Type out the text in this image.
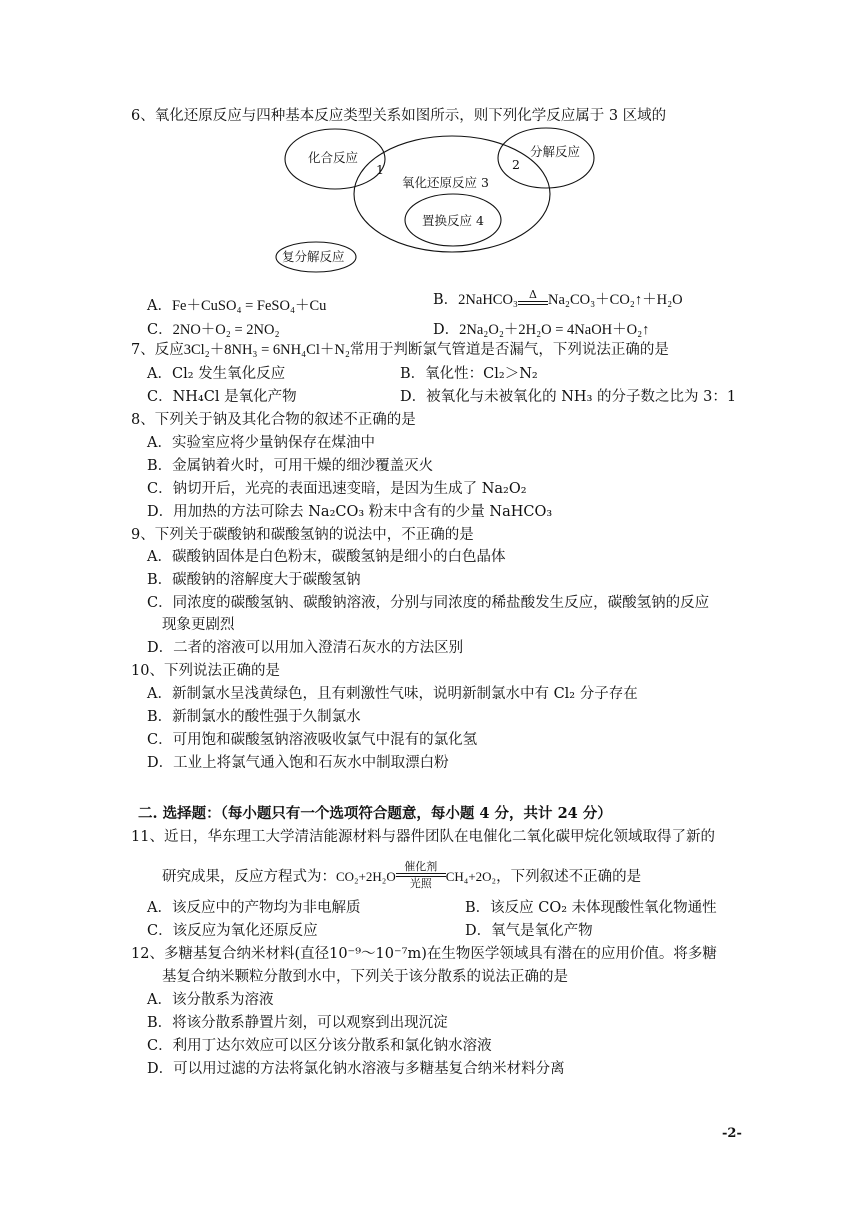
6、氧化还原反应与四种基本反应类型关系如图所示，则下列化学反应属于 3 区域的
化合反应
1	2
分解反应
氧化还原反应 3
置换反应 4
复分解反应
A．Fe＋CuSO₄ = FeSO₄＋Cu	B．2NaHCO₃	Δ Na₂CO₃＋CO₂↑＋H₂O
C．2NO＋O₂ = 2NO₂	D．2Na₂O₂＋2H₂O = 4NaOH＋O₂↑
7、反应3Cl₂＋8NH₃ = 6NH₄Cl＋N₂常用于判断氯气管道是否漏气，下列说法正确的是
A．Cl₂ 发生氧化反应	B．氧化性：Cl₂＞N₂
C．NH₄Cl 是氧化产物	D．被氧化与未被氧化的 NH₃ 的分子数之比为 3：1
8、下列关于钠及其化合物的叙述不正确的是
A．实验室应将少量钠保存在煤油中
B．金属钠着火时，可用干燥的细沙覆盖灭火
C．钠切开后，光亮的表面迅速变暗，是因为生成了 Na₂O₂
D．用加热的方法可除去 Na₂CO₃ 粉末中含有的少量 NaHCO₃
9、下列关于碳酸钠和碳酸氢钠的说法中，不正确的是
A．碳酸钠固体是白色粉末，碳酸氢钠是细小的白色晶体
B．碳酸钠的溶解度大于碳酸氢钠
C．同浓度的碳酸氢钠、碳酸钠溶液，分别与同浓度的稀盐酸发生反应，碳酸氢钠的反应
现象更剧烈
D．二者的溶液可以用加入澄清石灰水的方法区别
10、下列说法正确的是
A．新制氯水呈浅黄绿色，且有刺激性气味，说明新制氯水中有 Cl₂ 分子存在
B．新制氯水的酸性强于久制氯水
C．可用饱和碳酸氢钠溶液吸收氯气中混有的氯化氢
D．工业上将氯气通入饱和石灰水中制取漂白粉
二. 选择题：（每小题只有一个选项符合题意，每小题 4 分，共计 24 分）
11、近日，华东理工大学清洁能源材料与器件团队在电催化二氧化碳甲烷化领域取得了新的
研究成果，反应方程式为：CO₂+2H₂O
催化剂
光照	CH₄+2O₂，下列叙述不正确的是
A．该反应中的产物均为非电解质	B．该反应 CO₂ 未体现酸性氧化物通性
C．该反应为氧化还原反应	D．氧气是氧化产物
12、多糖基复合纳米材料(直径10⁻⁹～10⁻⁷m)在生物医学领域具有潜在的应用价值。将多糖
基复合纳米颗粒分散到水中，下列关于该分散系的说法正确的是
A．该分散系为溶液
B．将该分散系静置片刻，可以观察到出现沉淀
C．利用丁达尔效应可以区分该分散系和氯化钠水溶液
D．可以用过滤的方法将氯化钠水溶液与多糖基复合纳米材料分离
-2-
